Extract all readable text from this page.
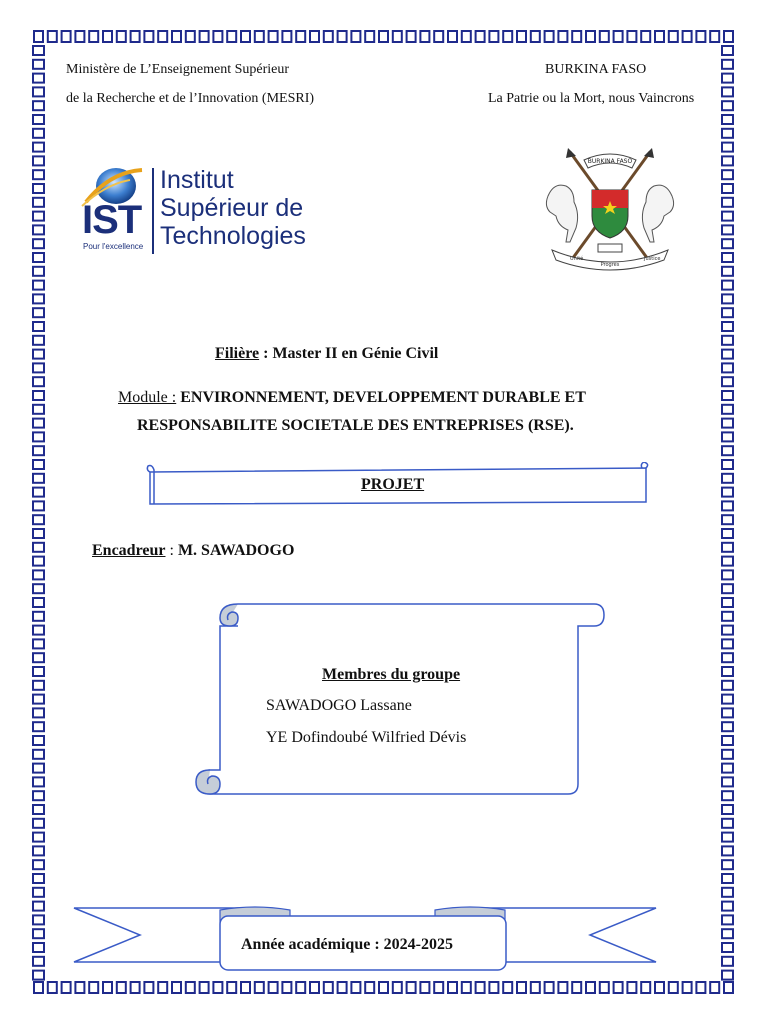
Ministère de L’Enseignement Supérieur
de la Recherche et de l’Innovation (MESRI)
BURKINA FASO
La Patrie ou la Mort, nous Vaincrons
IST
Pour l'excellence
Institut
Supérieur de
Technologies
BURKINA FASO
Unité
Progrès
Justice
Filière : Master II en Génie Civil
Module : ENVIRONNEMENT, DEVELOPPEMENT DURABLE ET
RESPONSABILITE SOCIETALE DES ENTREPRISES (RSE).
PROJET
Encadreur : M. SAWADOGO
Membres du groupe
SAWADOGO Lassane
YE Dofindoubé Wilfried Dévis
Année académique : 2024-2025
